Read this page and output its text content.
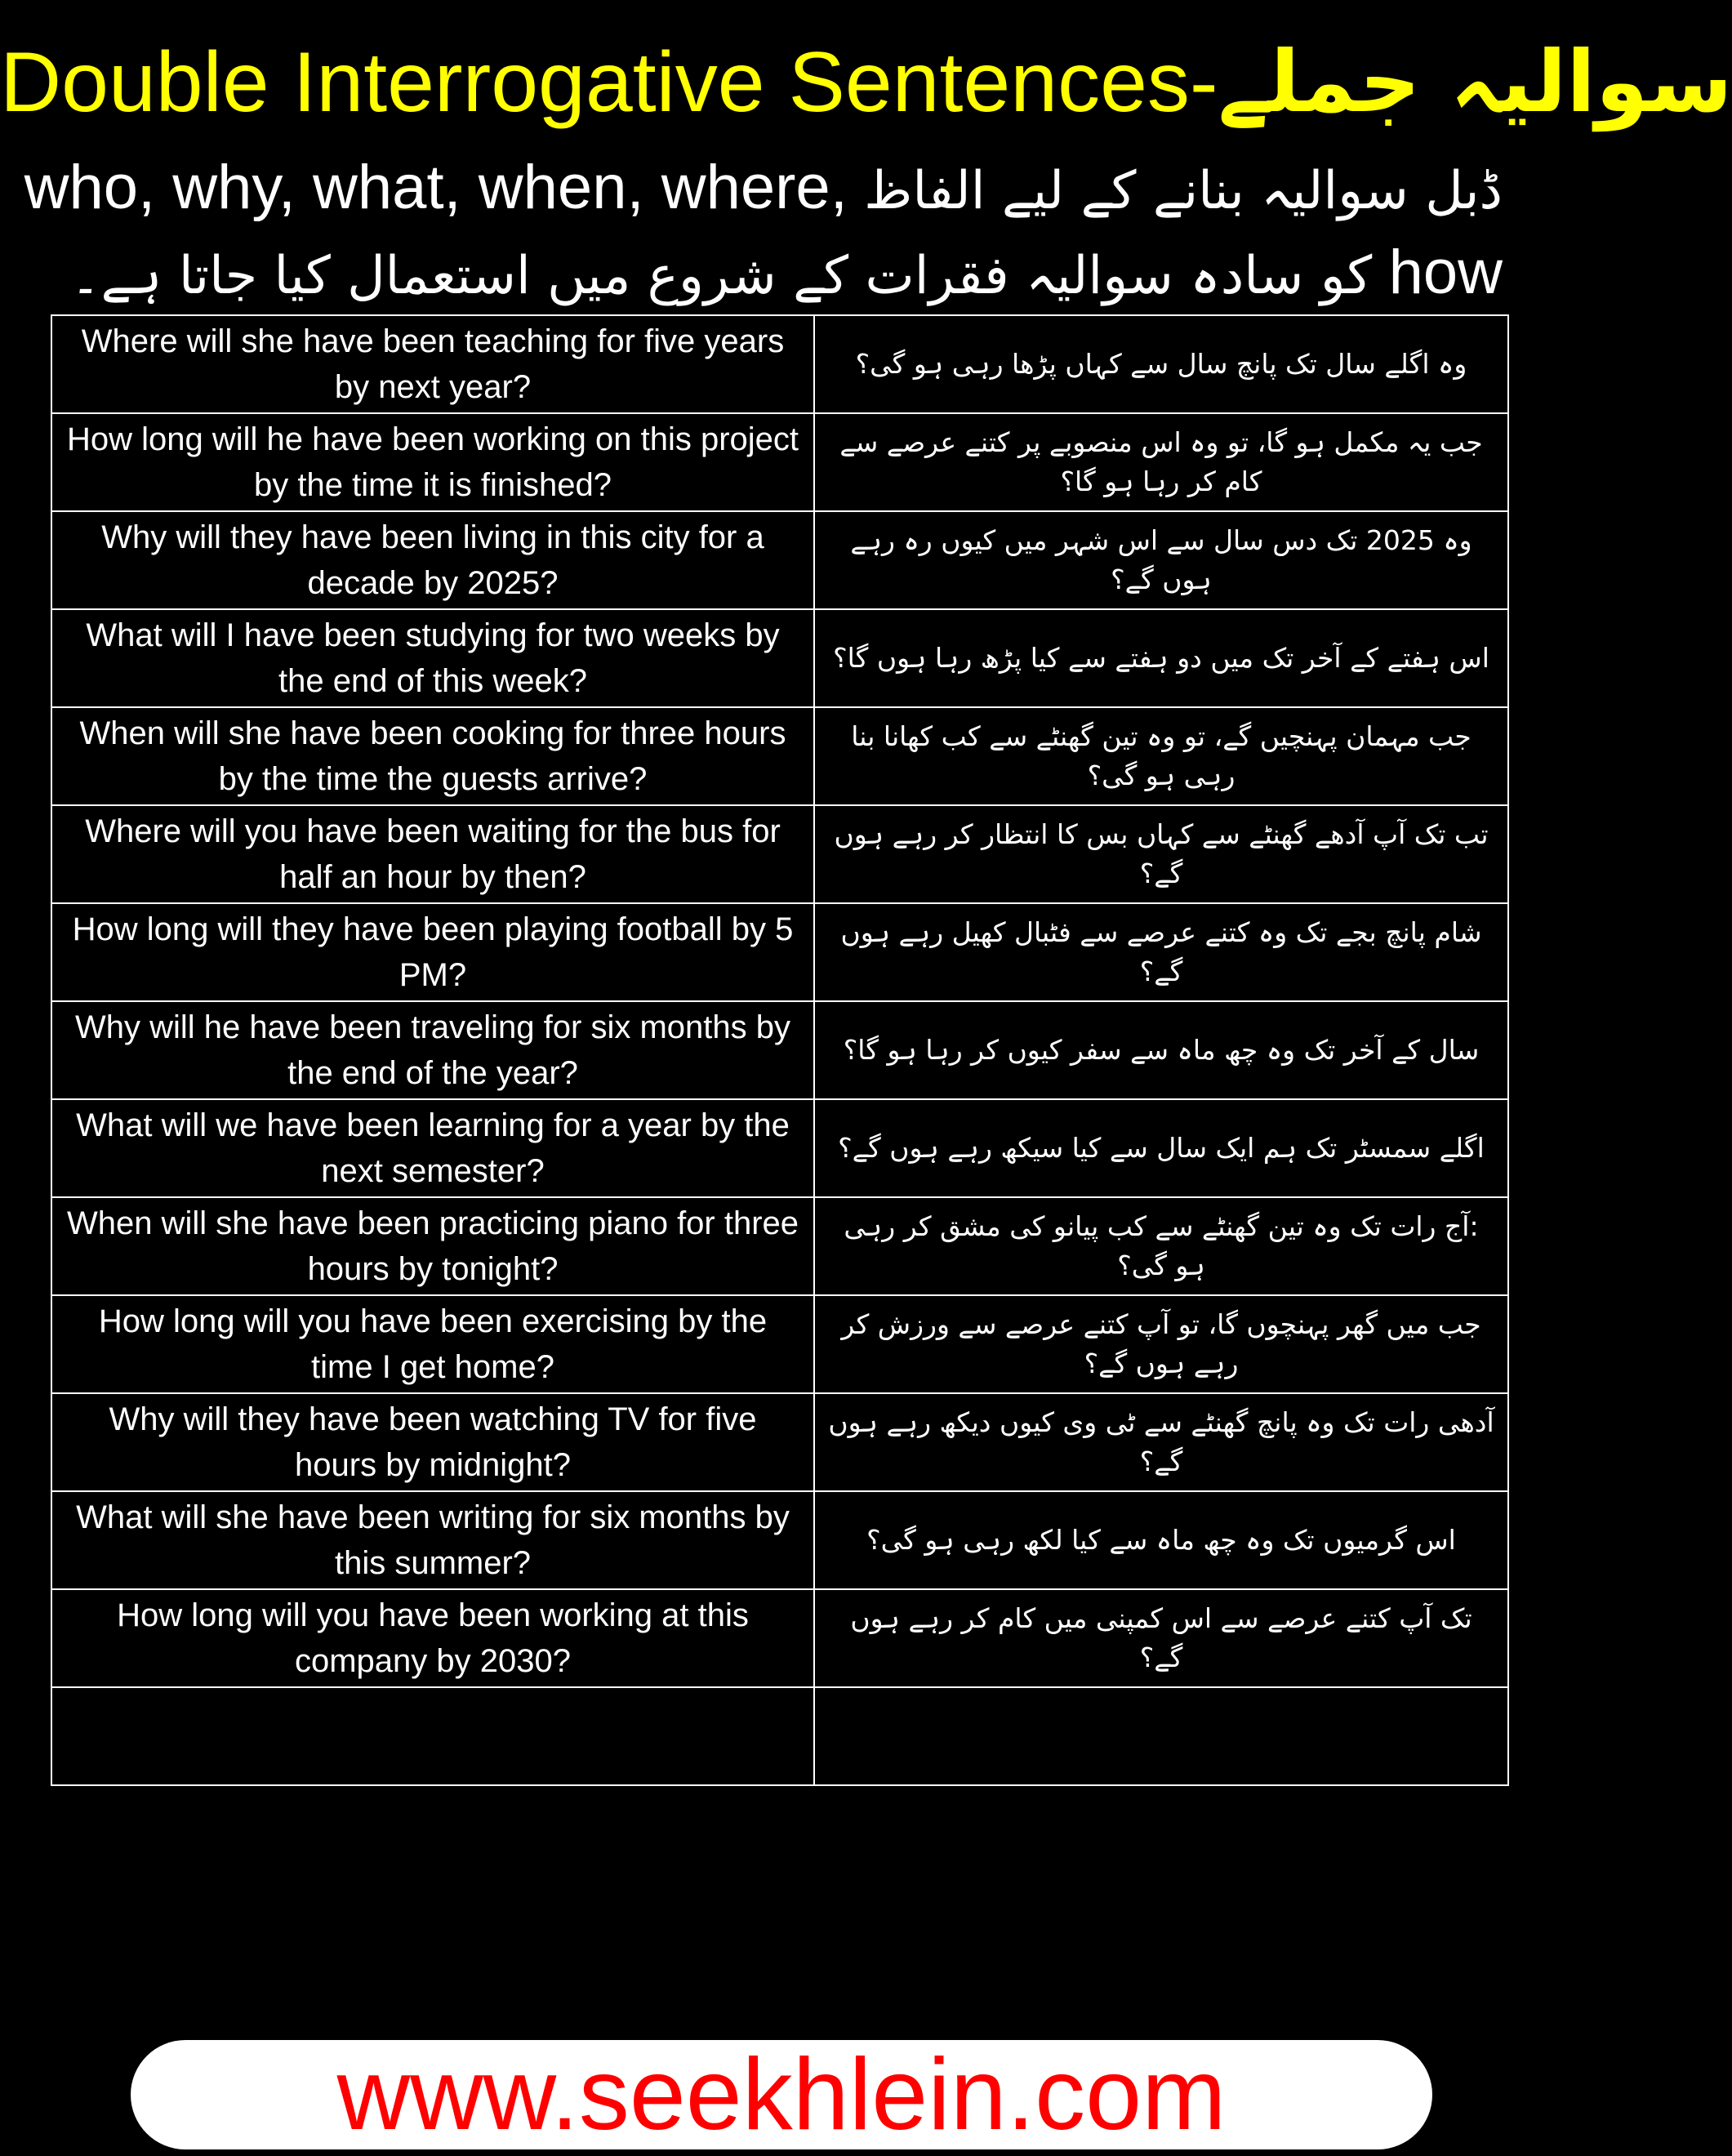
Double Interrogative Sentences-سوالیہ جملے
ڈبل سوالیہ بنانے کے لیے الفاظ who, why, what, when, where, how کو سادہ سوالیہ فقرات کے شروع میں استعمال کیا جاتا ہے۔
Where will she have been teaching for five years by next year?	وہ اگلے سال تک پانچ سال سے کہاں پڑھا رہی ہو گی؟
How long will he have been working on this project by the time it is finished?	جب یہ مکمل ہو گا، تو وہ اس منصوبے پر کتنے عرصے سے کام کر رہا ہو گا؟
Why will they have been living in this city for a decade by 2025?	وہ 2025 تک دس سال سے اس شہر میں کیوں رہ رہے ہوں گے؟
What will I have been studying for two weeks by the end of this week?	اس ہفتے کے آخر تک میں دو ہفتے سے کیا پڑھ رہا ہوں گا؟
When will she have been cooking for three hours by the time the guests arrive?	جب مہمان پہنچیں گے، تو وہ تین گھنٹے سے کب کھانا بنا رہی ہو گی؟
Where will you have been waiting for the bus for half an hour by then?	تب تک آپ آدھے گھنٹے سے کہاں بس کا انتظار کر رہے ہوں گے؟
How long will they have been playing football by 5 PM?	شام پانچ بجے تک وہ کتنے عرصے سے فٹبال کھیل رہے ہوں گے؟
Why will he have been traveling for six months by the end of the year?	سال کے آخر تک وہ چھ ماہ سے سفر کیوں کر رہا ہو گا؟
What will we have been learning for a year by the next semester?	اگلے سمسٹر تک ہم ایک سال سے کیا سیکھ رہے ہوں گے؟
When will she have been practicing piano for three hours by tonight?	:آج رات تک وہ تین گھنٹے سے کب پیانو کی مشق کر رہی ہو گی؟
How long will you have been exercising by the time I get home?	جب میں گھر پہنچوں گا، تو آپ کتنے عرصے سے ورزش کر رہے ہوں گے؟
Why will they have been watching TV for five hours by midnight?	آدھی رات تک وہ پانچ گھنٹے سے ٹی وی کیوں دیکھ رہے ہوں گے؟
What will she have been writing for six months by this summer?	اس گرمیوں تک وہ چھ ماہ سے کیا لکھ رہی ہو گی؟
How long will you have been working at this company by 2030?	تک آپ کتنے عرصے سے اس کمپنی میں کام کر رہے ہوں گے؟

www.seekhlein.com
